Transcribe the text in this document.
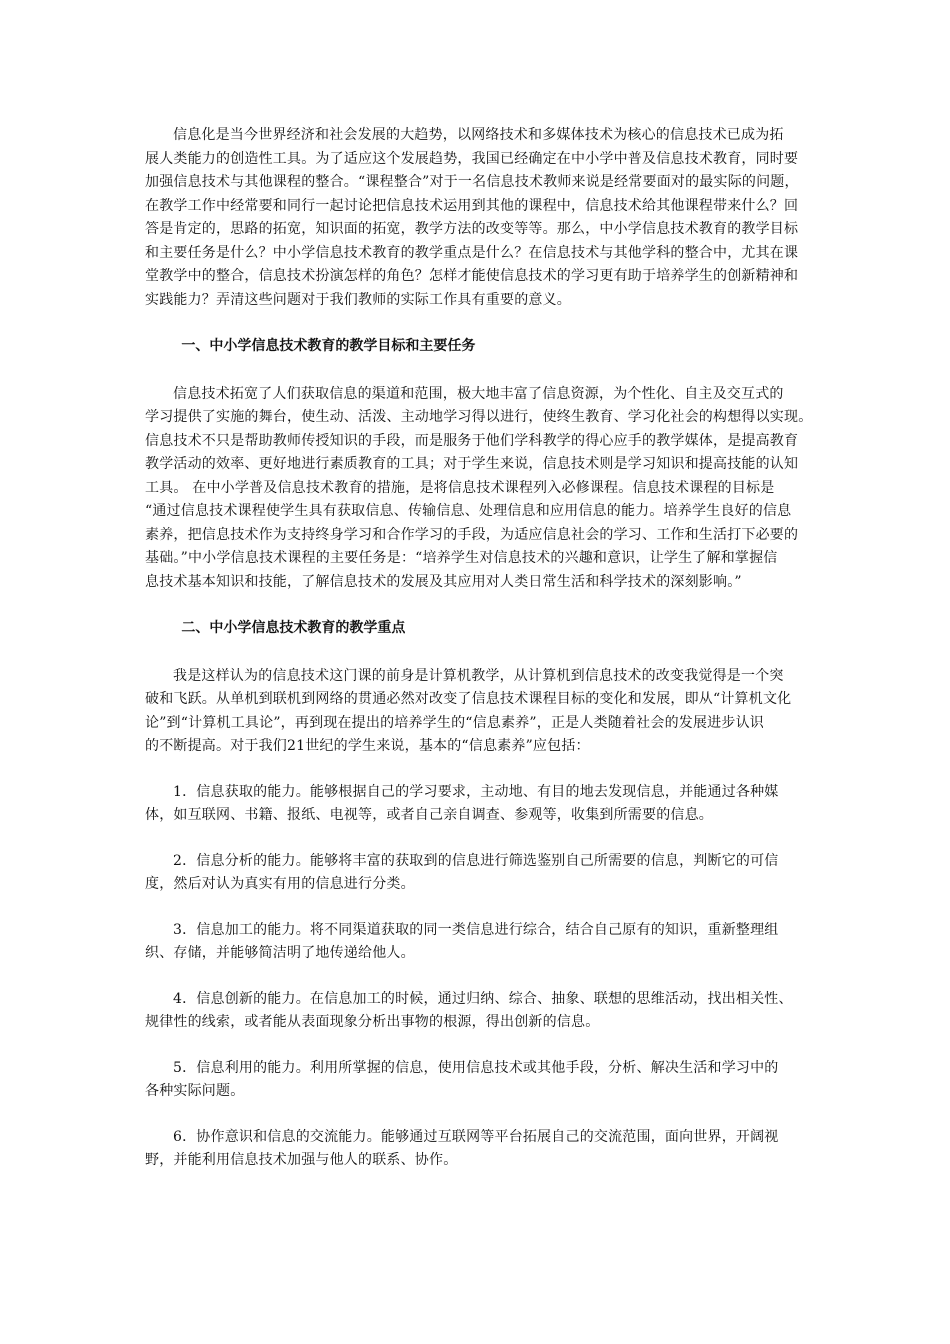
信息化是当今世界经济和社会发展的大趋势，以网络技术和多媒体技术为核心的信息技术已成为拓
展人类能力的创造性工具。为了适应这个发展趋势，我国已经确定在中小学中普及信息技术教育，同时要
加强信息技术与其他课程的整合。“课程整合”对于一名信息技术教师来说是经常要面对的最实际的问题，
在教学工作中经常要和同行一起讨论把信息技术运用到其他的课程中，信息技术给其他课程带来什么？回
答是肯定的，思路的拓宽，知识面的拓宽，教学方法的改变等等。那么，中小学信息技术教育的教学目标
和主要任务是什么？中小学信息技术教育的教学重点是什么？在信息技术与其他学科的整合中，尤其在课
堂教学中的整合，信息技术扮演怎样的角色？怎样才能使信息技术的学习更有助于培养学生的创新精神和
实践能力？弄清这些问题对于我们教师的实际工作具有重要的意义。

一、中小学信息技术教育的教学目标和主要任务

信息技术拓宽了人们获取信息的渠道和范围，极大地丰富了信息资源，为个性化、自主及交互式的
学习提供了实施的舞台，使生动、活泼、主动地学习得以进行，使终生教育、学习化社会的构想得以实现。
信息技术不只是帮助教师传授知识的手段，而是服务于他们学科教学的得心应手的教学媒体，是提高教育
教学活动的效率、更好地进行素质教育的工具；对于学生来说，信息技术则是学习知识和提高技能的认知
工具。 在中小学普及信息技术教育的措施，是将信息技术课程列入必修课程。信息技术课程的目标是
“通过信息技术课程使学生具有获取信息、传输信息、处理信息和应用信息的能力。培养学生良好的信息
素养，把信息技术作为支持终身学习和合作学习的手段，为适应信息社会的学习、工作和生活打下必要的
基础。”中小学信息技术课程的主要任务是：“培养学生对信息技术的兴趣和意识，让学生了解和掌握信
息技术基本知识和技能，了解信息技术的发展及其应用对人类日常生活和科学技术的深刻影响。”

二、中小学信息技术教育的教学重点

我是这样认为的信息技术这门课的前身是计算机教学，从计算机到信息技术的改变我觉得是一个突
破和飞跃。从单机到联机到网络的贯通必然对改变了信息技术课程目标的变化和发展，即从“计算机文化
论”到“计算机工具论”，再到现在提出的培养学生的“信息素养”，正是人类随着社会的发展进步认识
的不断提高。对于我们21世纪的学生来说，基本的“信息素养”应包括：

1．信息获取的能力。能够根据自己的学习要求，主动地、有目的地去发现信息，并能通过各种媒
体，如互联网、书籍、报纸、电视等，或者自己亲自调查、参观等，收集到所需要的信息。

2．信息分析的能力。能够将丰富的获取到的信息进行筛选鉴别自己所需要的信息，判断它的可信
度，然后对认为真实有用的信息进行分类。

3．信息加工的能力。将不同渠道获取的同一类信息进行综合，结合自己原有的知识，重新整理组
织、存储，并能够简洁明了地传递给他人。

4．信息创新的能力。在信息加工的时候，通过归纳、综合、抽象、联想的思维活动，找出相关性、
规律性的线索，或者能从表面现象分析出事物的根源，得出创新的信息。

5．信息利用的能力。利用所掌握的信息，使用信息技术或其他手段，分析、解决生活和学习中的
各种实际问题。

6．协作意识和信息的交流能力。能够通过互联网等平台拓展自己的交流范围，面向世界，开阔视
野，并能利用信息技术加强与他人的联系、协作。
